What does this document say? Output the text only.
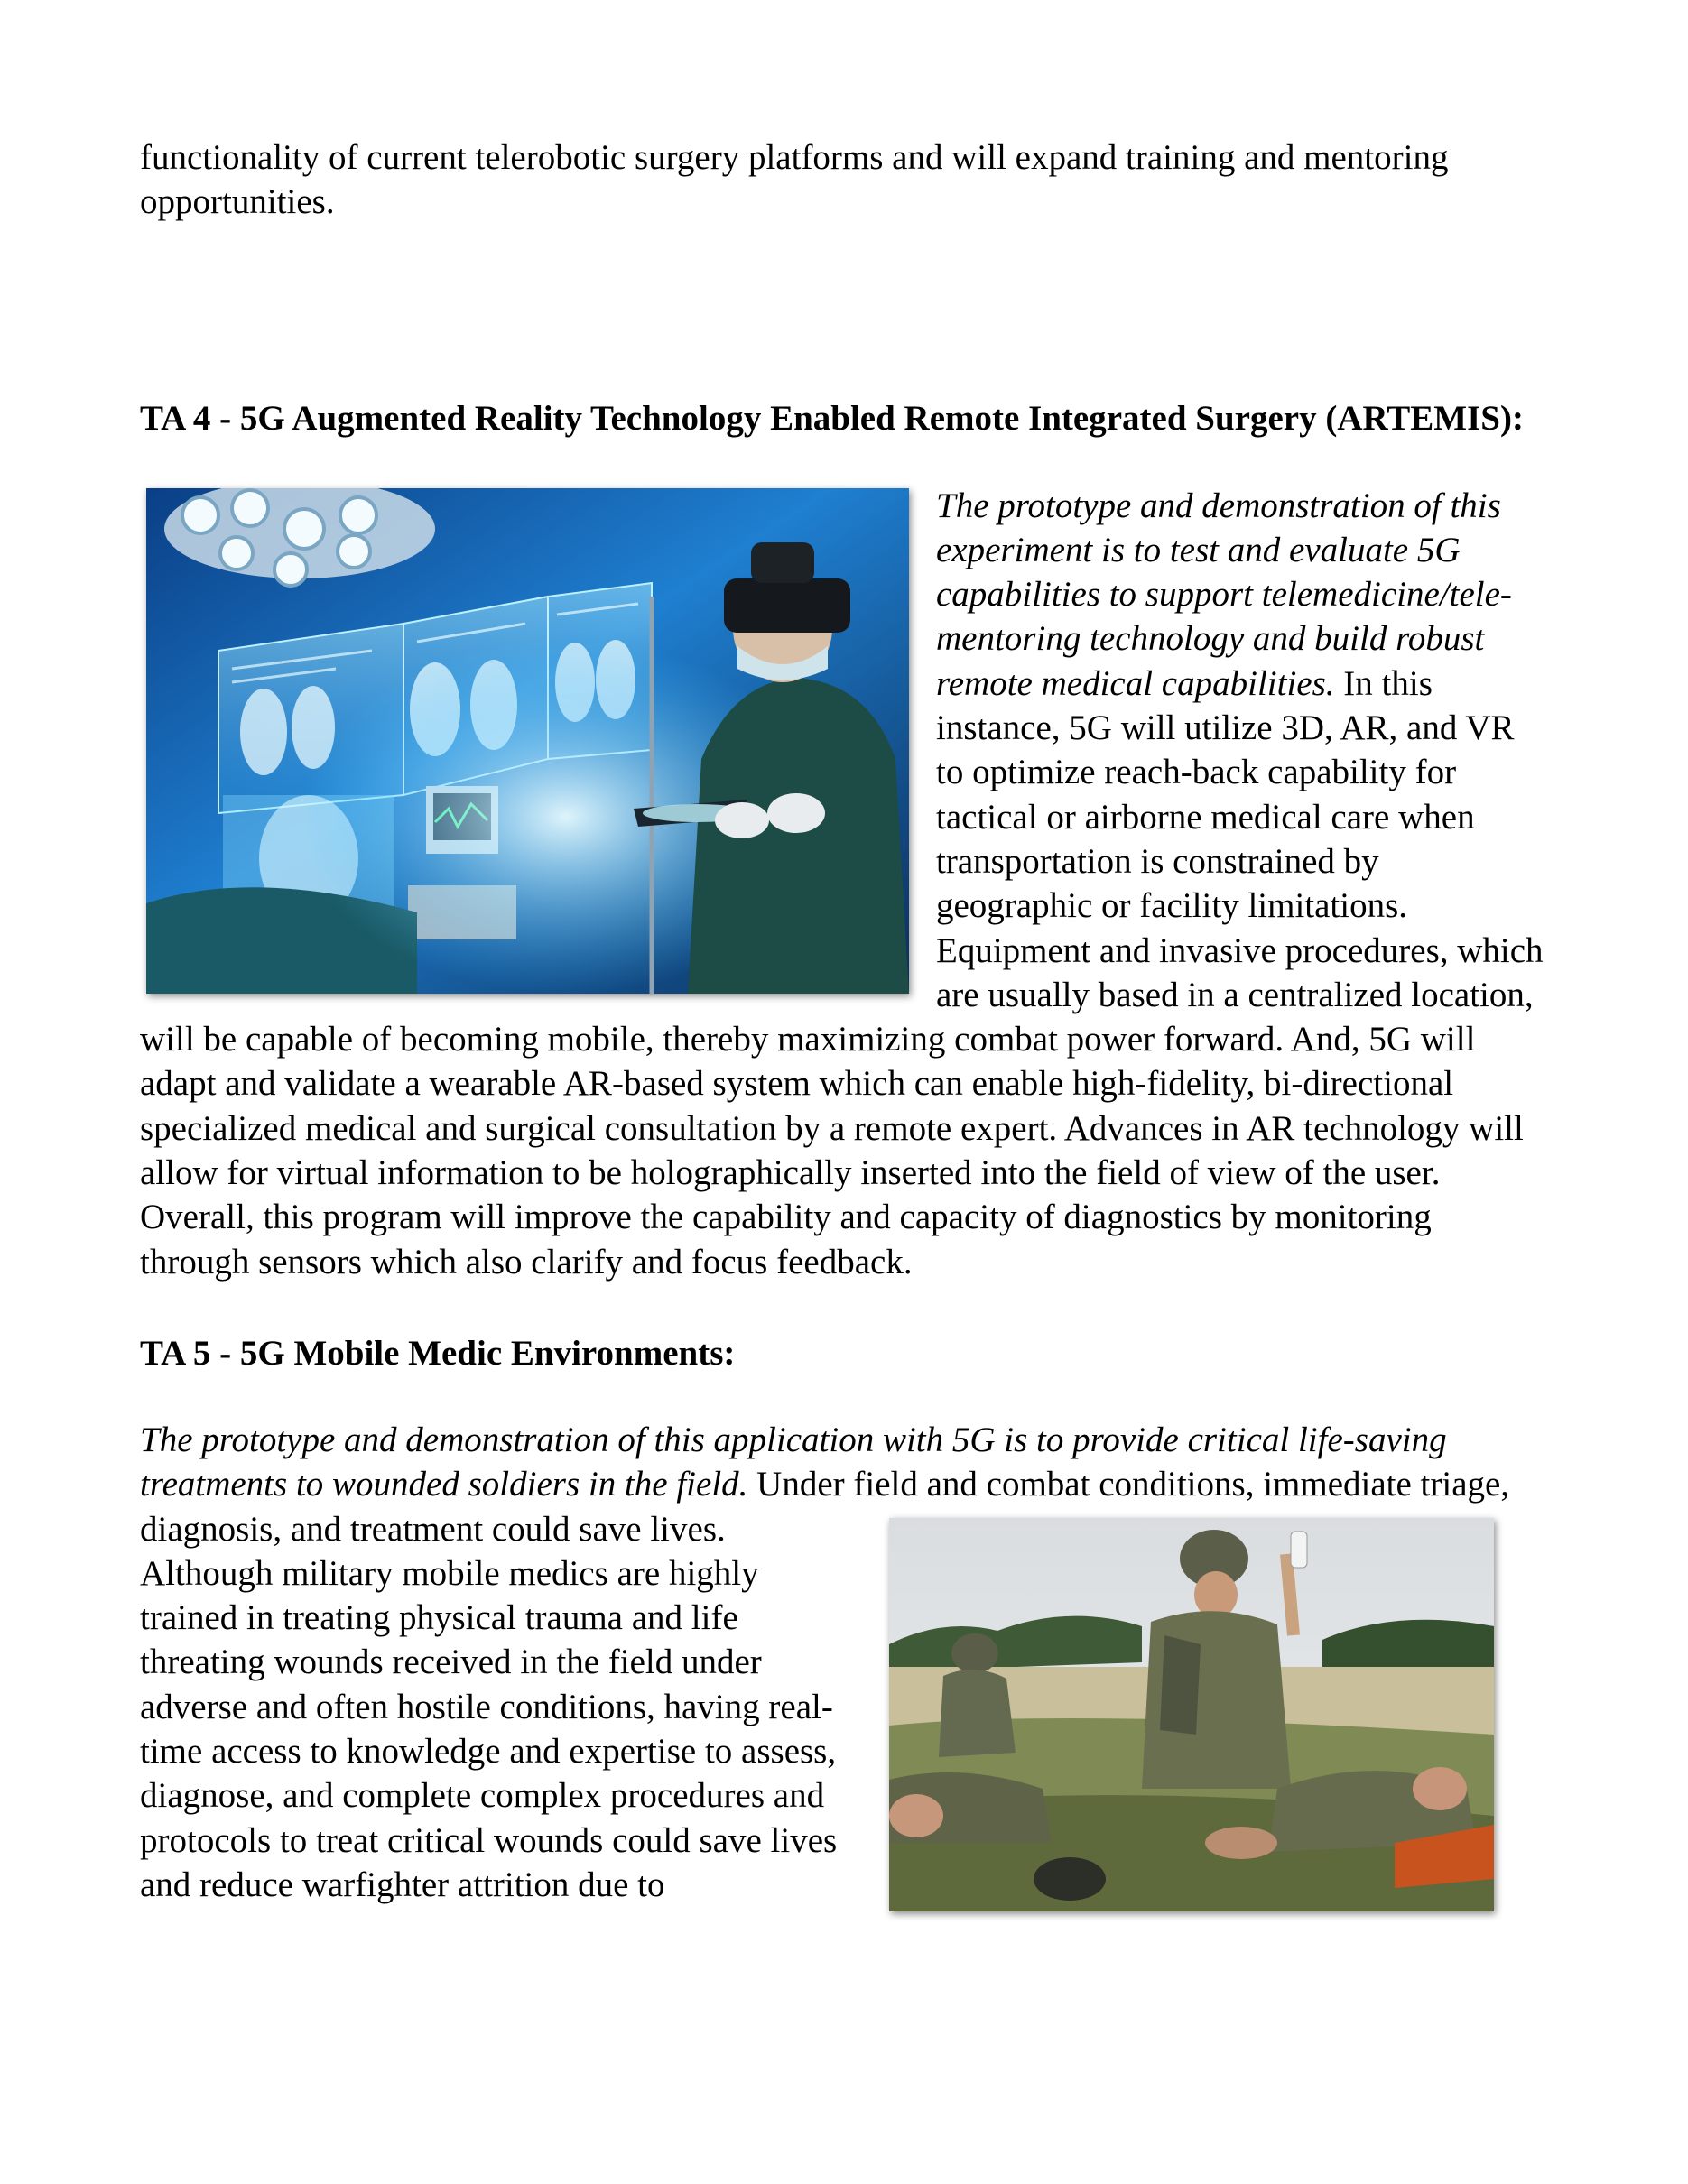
functionality of current telerobotic surgery platforms and will expand training and mentoring opportunities.

TA 4 - 5G Augmented Reality Technology Enabled Remote Integrated Surgery (ARTEMIS):

The prototype and demonstration of this experiment is to test and evaluate 5G capabilities to support telemedicine/tele-mentoring technology and build robust remote medical capabilities. In this instance, 5G will utilize 3D, AR, and VR to optimize reach-back capability for tactical or airborne medical care when transportation is constrained by geographic or facility limitations. Equipment and invasive procedures, which are usually based in a centralized location, will be capable of becoming mobile, thereby maximizing combat power forward. And, 5G will adapt and validate a wearable AR-based system which can enable high-fidelity, bi-directional specialized medical and surgical consultation by a remote expert. Advances in AR technology will allow for virtual information to be holographically inserted into the field of view of the user. Overall, this program will improve the capability and capacity of diagnostics by monitoring through sensors which also clarify and focus feedback.

TA 5 - 5G Mobile Medic Environments:

The prototype and demonstration of this application with 5G is to provide critical life-saving treatments to wounded soldiers in the field. Under field and combat conditions,
immediate triage, diagnosis, and treatment could save lives. Although military mobile medics are highly trained in treating physical trauma and life threating wounds received in the field under adverse and often hostile conditions, having real-time access to knowledge and expertise to assess, diagnose, and complete complex procedures and protocols to treat critical wounds could save lives and reduce warfighter attrition due to
